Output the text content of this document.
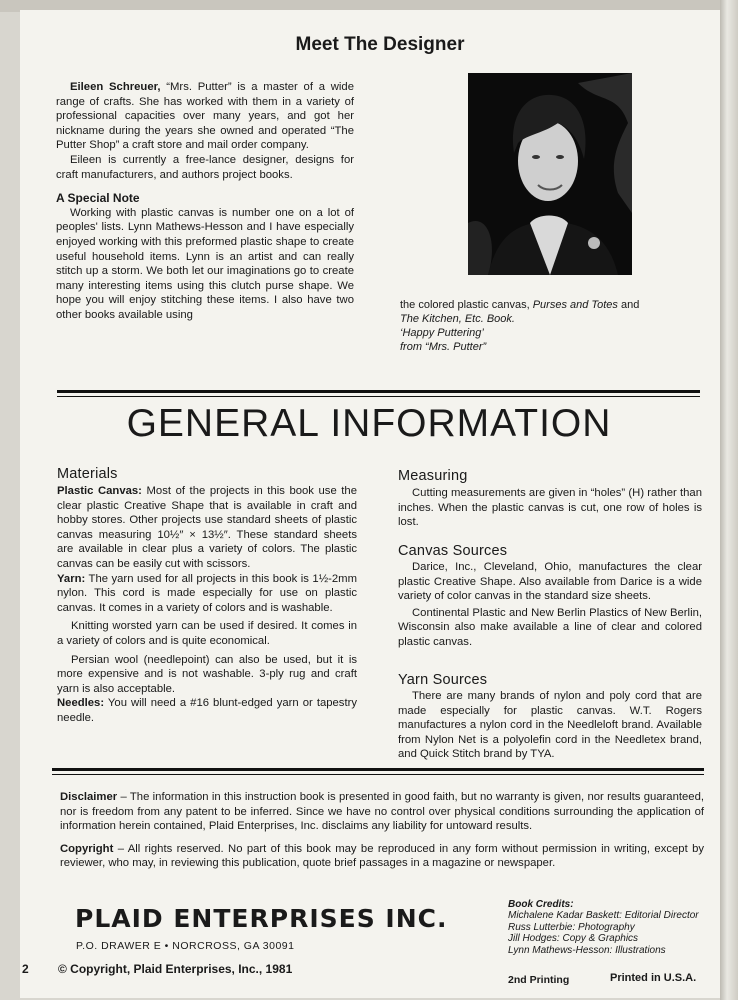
Meet The Designer

Eileen Schreuer, “Mrs. Putter” is a master of a wide range of crafts. She has worked with them in a variety of professional capacities over many years, and got her nickname during the years she owned and operated “The Putter Shop” a craft store and mail order company.

Eileen is currently a free-lance designer, designs for craft manufacturers, and authors project books.

A Special Note

Working with plastic canvas is number one on a lot of peoples' lists. Lynn Mathews-Hesson and I have especially enjoyed working with this preformed plastic shape to create useful household items. Lynn is an artist and can really stitch up a storm. We both let our imaginations go to create many interesting items using this clutch purse shape. We hope you will enjoy stitching these items. I also have two other books available using

the colored plastic canvas, Purses and Totes and
The Kitchen, Etc. Book.
‘Happy Puttering’
from “Mrs. Putter”
GENERAL INFORMATION
Materials

Plastic Canvas: Most of the projects in this book use the clear plastic Creative Shape that is available in craft and hobby stores. Other projects use standard sheets of plastic canvas measuring 10½″ × 13½″. These standard sheets are available in clear plus a variety of colors. The plastic canvas can be easily cut with scissors.

Yarn: The yarn used for all projects in this book is 1½-2mm nylon. This cord is made especially for use on plastic canvas. It comes in a variety of colors and is washable.

Knitting worsted yarn can be used if desired. It comes in a variety of colors and is quite economical.

Persian wool (needlepoint) can also be used, but it is more expensive and is not washable. 3-ply rug and craft yarn is also acceptable.

Needles: You will need a #16 blunt-edged yarn or tapestry needle.

Measuring

Cutting measurements are given in “holes” (H) rather than inches. When the plastic canvas is cut, one row of holes is lost.

Canvas Sources

Darice, Inc., Cleveland, Ohio, manufactures the clear plastic Creative Shape. Also available from Darice is a wide variety of color canvas in the standard size sheets.

Continental Plastic and New Berlin Plastics of New Berlin, Wisconsin also make available a line of clear and colored plastic canvas.

Yarn Sources

There are many brands of nylon and poly cord that are made especially for plastic canvas. W.T. Rogers manufactures a nylon cord in the Needleloft brand. Available from Nylon Net is a polyolefin cord in the Needletex brand, and Quick Stitch brand by TYA.

Disclaimer – The information in this instruction book is presented in good faith, but no warranty is given, nor results guaranteed, nor is freedom from any patent to be inferred. Since we have no control over physical conditions surrounding the application of information herein contained, Plaid Enterprises, Inc. disclaims any liability for untoward results.

Copyright – All rights reserved. No part of this book may be reproduced in any form without permission in writing, except by reviewer, who may, in reviewing this publication, quote brief passages in a magazine or newspaper.

PLAID ENTERPRISES INC.
P.O. DRAWER E • NORCROSS, GA 30091
Book Credits:
Michalene Kadar Baskett: Editorial Director
Russ Lutterbie: Photography
Jill Hodges: Copy & Graphics
Lynn Mathews-Hesson: Illustrations
2 © Copyright, Plaid Enterprises, Inc., 1981
2nd Printing	Printed in U.S.A.
